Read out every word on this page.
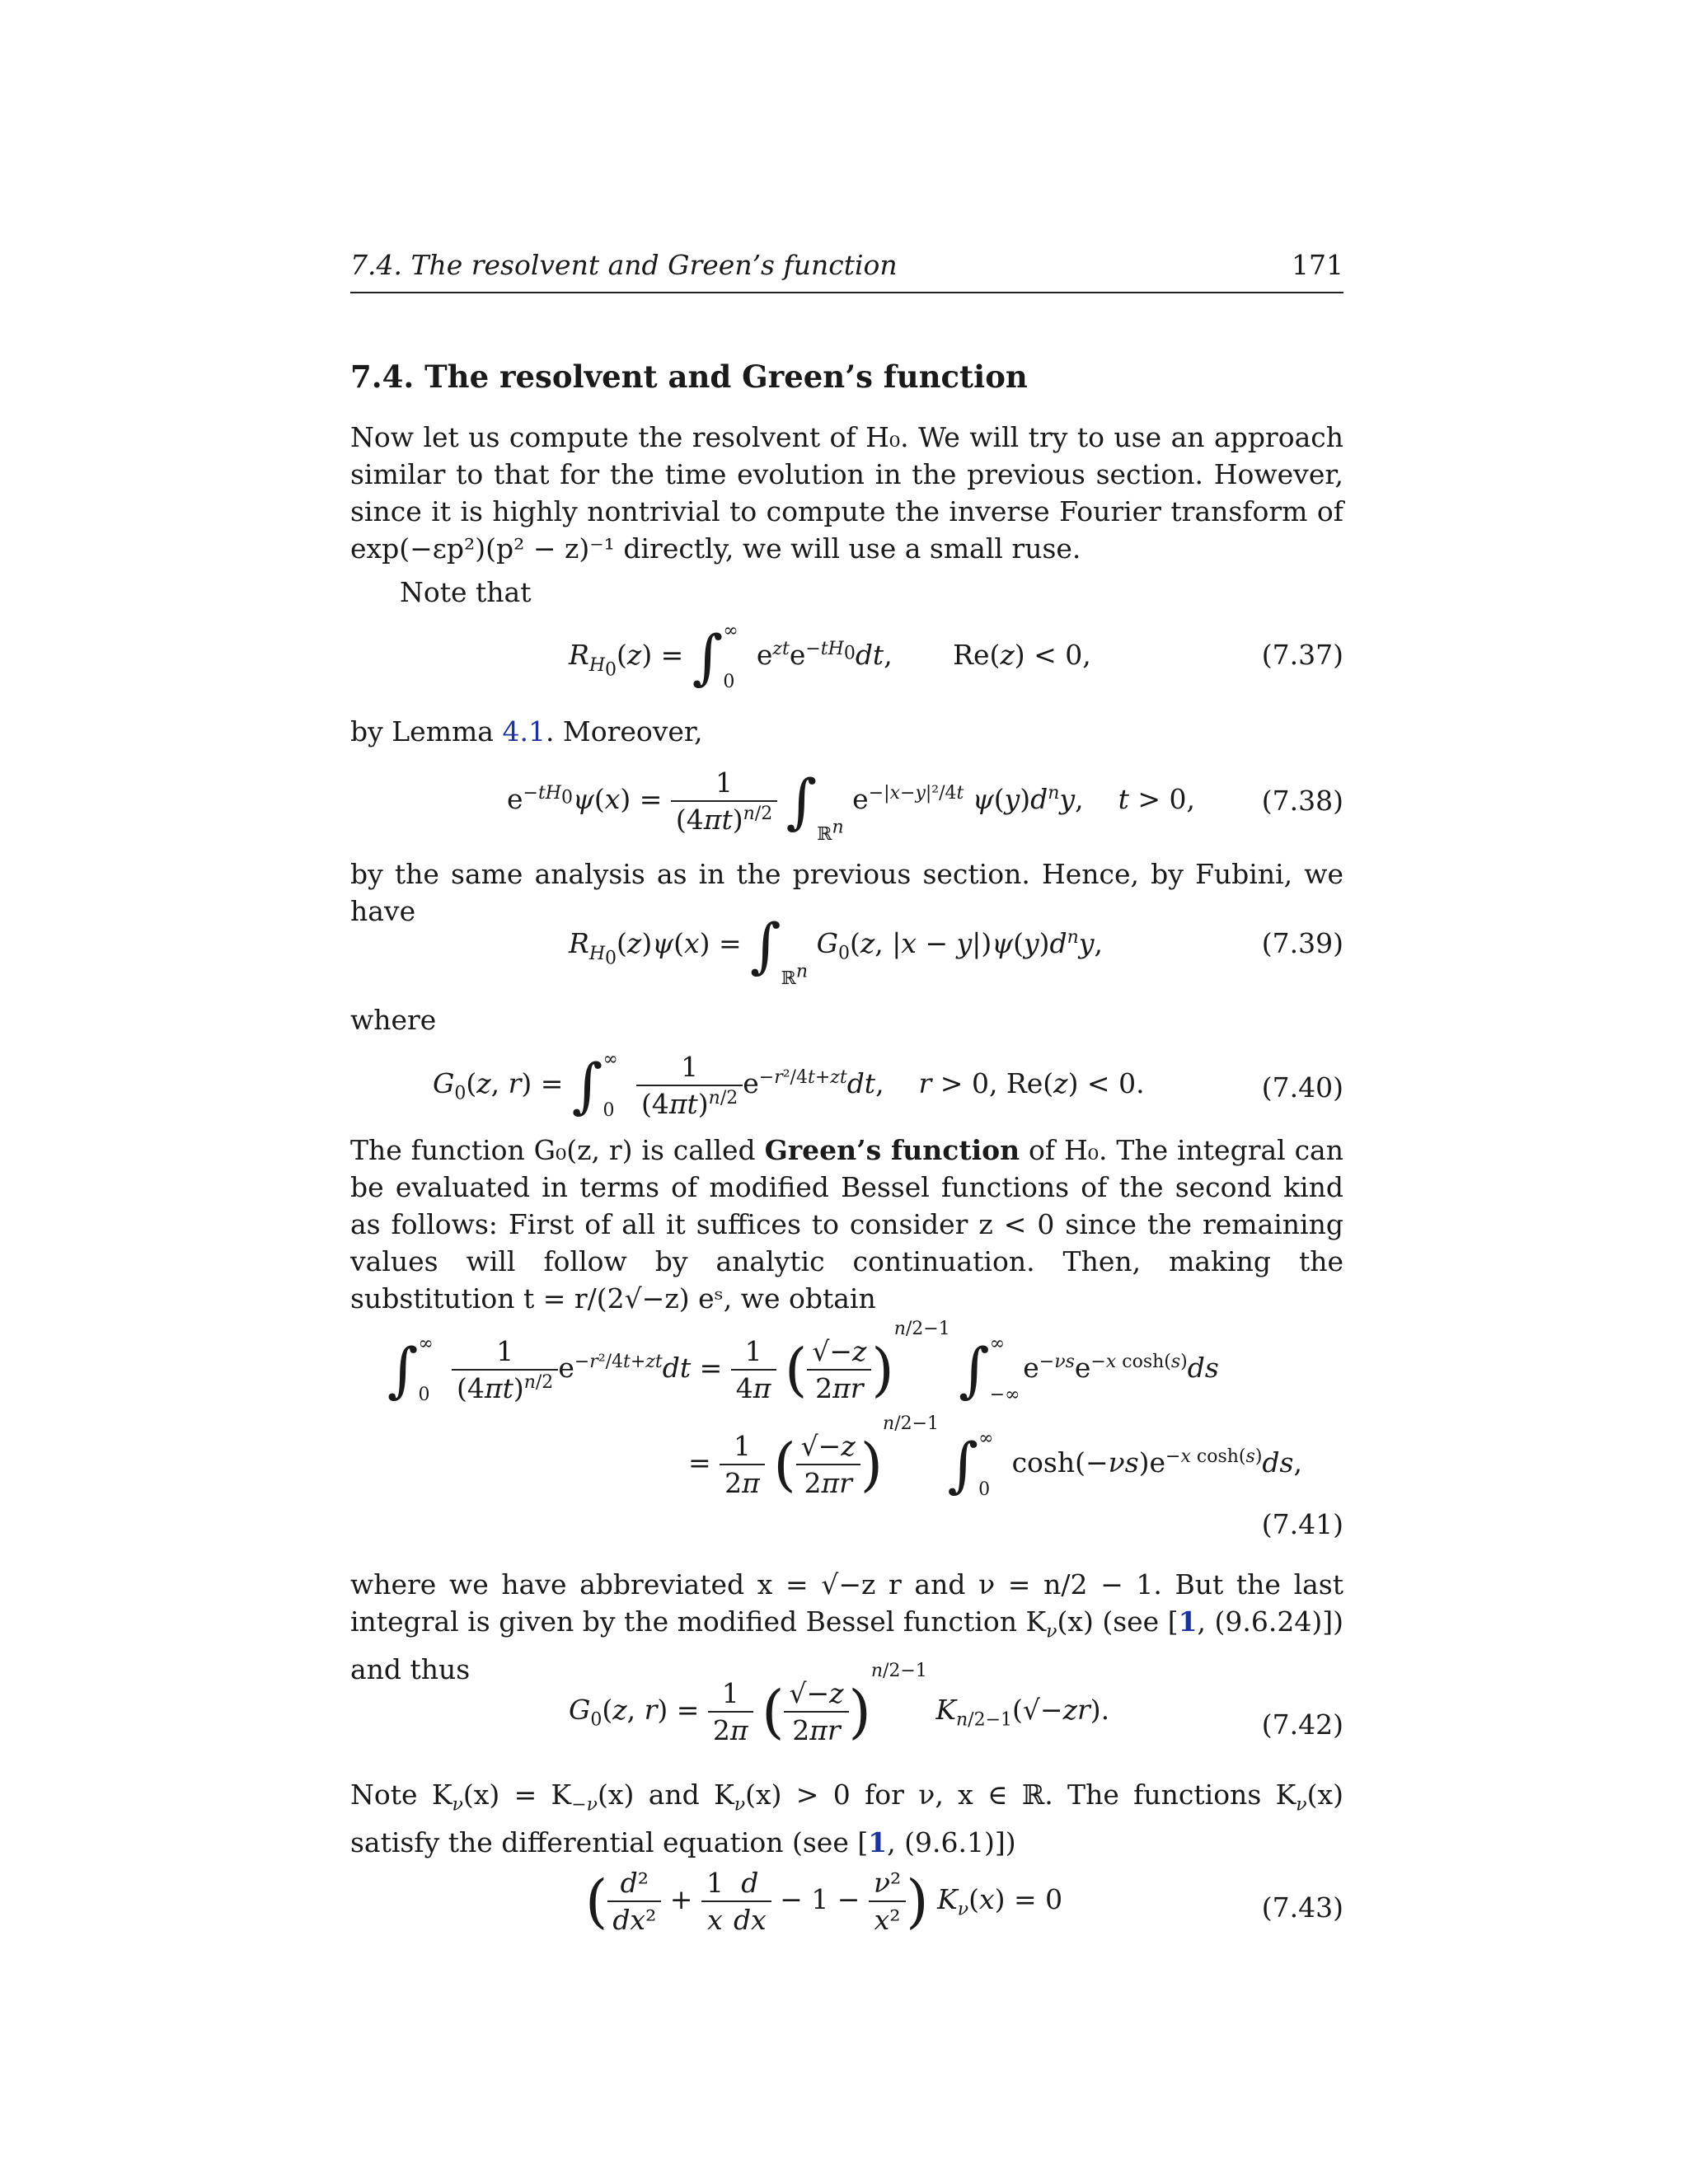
7.4. The resolvent and Green’s function	171
7.4. The resolvent and Green’s function
Now let us compute the resolvent of H₀. We will try to use an approach similar to that for the time evolution in the previous section. However, since it is highly nontrivial to compute the inverse Fourier transform of exp(−εp²)(p² − z)⁻¹ directly, we will use a small ruse.
Note that
$R_{H_0}(z)$ = ∫ ∞
0
$e^{zt}e^{-tH_0}dt$,       Re(z) < 0,	(7.37)
by Lemma 4.1. Moreover,
$e^{-tH_0}\psi(x) = \frac{1}{(4\pi t)^{n/2}} \int_{ℝ^n}$ $e^{-|x-y|^2/4t}$ $\psi(y)d^ny$,    t > 0, (7.38)
by the same analysis as in the previous section. Hence, by Fubini, we have
$R_{H_0}(z)\psi(x) = \int_{ℝ^n}$ $G_0(z$, $|x - y|)\psi(y)d^ny$,	(7.39)
where
$G_0(z$, r) = ∫ ∞
0
$\frac{1}{(4\pi t)^{n/2}} e^{-r^2/4t+zt}dt$,    r > 0, Re(z) < 0.	(7.40)
The function G₀(z, r) is called Green’s function of H₀. The integral can be evaluated in terms of modified Bessel functions of the second kind as follows: First of all it suffices to consider z < 0 since the remaining values will follow by analytic continuation. Then, making the substitution t = r/(2√−z) eˢ, we obtain
∫ ∞
0
$\frac{1}{(4\pi t)^{n/2}} e^{-r^2/4t+zt}dt = \frac{1}{4\pi}$ ( $\frac{√-z}{2\pi r} )^{n/2-1}$ ∫ ∞
−∞
$e^{-\nu s}e^{-x cosh(s)}ds$
= $\frac{1}{2\pi}$ ( $\frac{√-z}{2\pi r} )^{n/2-1}$ ∫ ∞
0
$\cosh(-\nu s)e^{-x cosh(s)}ds$,
(7.41)
where we have abbreviated x = √−z r and ν = n/2 − 1. But the last integral is given by the modified Bessel function $K_\nu(x)$ (see [1, (9.6.24)]) and thus
$G_0(z$, $r) = \frac{1}{2\pi}$ ( $\frac{√-z}{2\pi r} )^{n/2-1}$ $K_{n/2-1}(√-zr)$.	(7.42)
Note $K_\nu(x) = K_{-\nu}(x)$ and $K_\nu(x) > 0$ for ν, x ∈ ℝ. The functions $K_\nu(x)$ satisfy the differential equation (see [1, (9.6.1)])
( $\frac{\text{d²}}{\text{dx²}} + \frac{1}{x} \frac{d}{dx} - 1 - \frac{\text{ν²}}{\text{x²}}$ ) $K_\nu(x) = 0$	(7.43)
